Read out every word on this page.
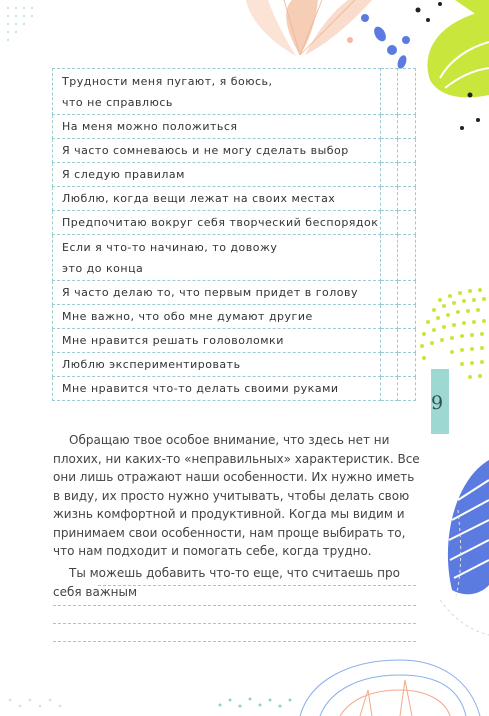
Трудности меня пугают, я боюсь,
что не справлюсь		
На меня можно положиться		
Я часто сомневаюсь и не могу сделать выбор		
Я следую правилам		
Люблю, когда вещи лежат на своих местах		
Предпочитаю вокруг себя творческий беспорядок		
Если я что-то начинаю, то довожу
это до конца		
Я часто делаю то, что первым придет в голову		
Мне важно, что обо мне думают другие		
Мне нравится решать головоломки		
Люблю экспериментировать		
Мне нравится что-то делать своими руками		
9

Обращаю твое особое внимание, что здесь нет ни плохих, ни каких-то «неправильных» характеристик. Все они лишь отражают наши особенности. Их нужно иметь в виду, их просто нужно учитывать, чтобы делать свою жизнь комфортной и продуктивной. Когда мы видим и принимаем свои особенности, нам проще выбирать то, что нам подходит и помогать себе, когда трудно.

Ты можешь добавить что-то еще, что считаешь про себя важным
